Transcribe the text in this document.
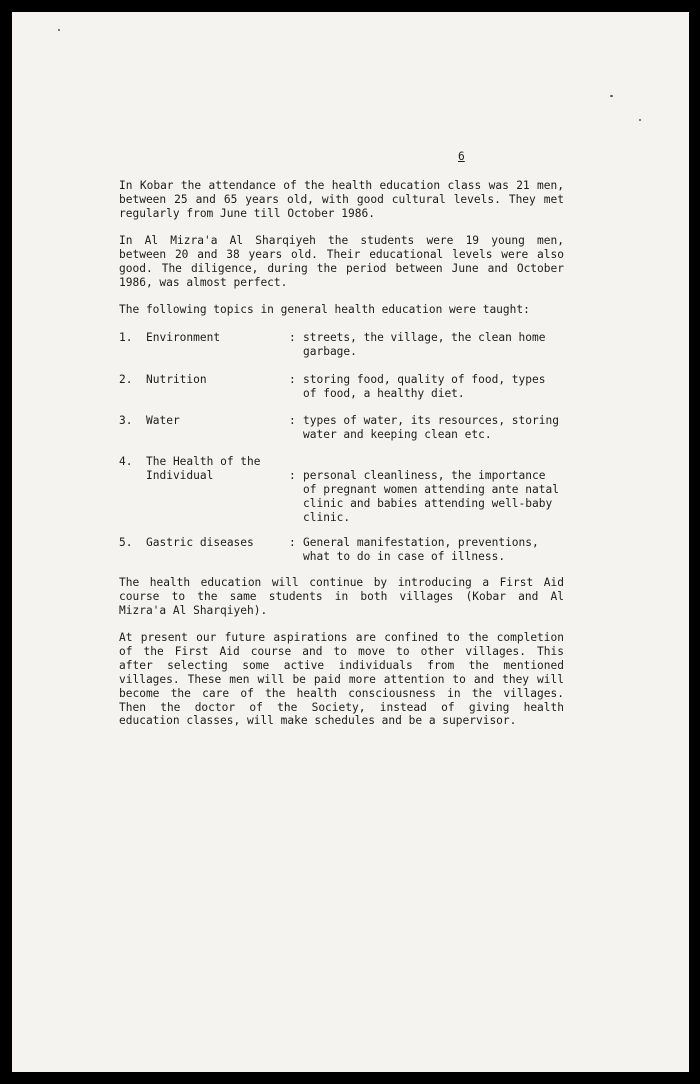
6
In Kobar the attendance of the health education class was 21 men,
between 25 and 65 years old, with good cultural levels. They met
regularly from June till October 1986.
In Al Mizra'a Al Sharqiyeh the students were 19 young men,
between 20 and 38 years old. Their educational levels were also
good. The diligence, during the period between June and October
1986, was almost perfect.
The following topics in general health education were taught:
1. Environment	: streets, the village, the clean home garbage.
2. Nutrition	: storing food, quality of food, types of food, a healthy diet.
3. Water	: types of water, its resources, storing water and keeping clean etc.
4. The Health of the Individual	: personal cleanliness, the importance of pregnant women attending ante natal clinic and babies attending well-baby clinic.
5. Gastric diseases	: General manifestation, preventions, what to do in case of illness.
The health education will continue by introducing a First Aid
course to the same students in both villages (Kobar and Al
Mizra'a Al Sharqiyeh).
At present our future aspirations are confined to the completion
of the First Aid course and to move to other villages. This
after selecting some active individuals from the mentioned
villages. These men will be paid more attention to and they will
become the care of the health consciousness in the villages.
Then the doctor of the Society, instead of giving health
education classes, will make schedules and be a supervisor.
